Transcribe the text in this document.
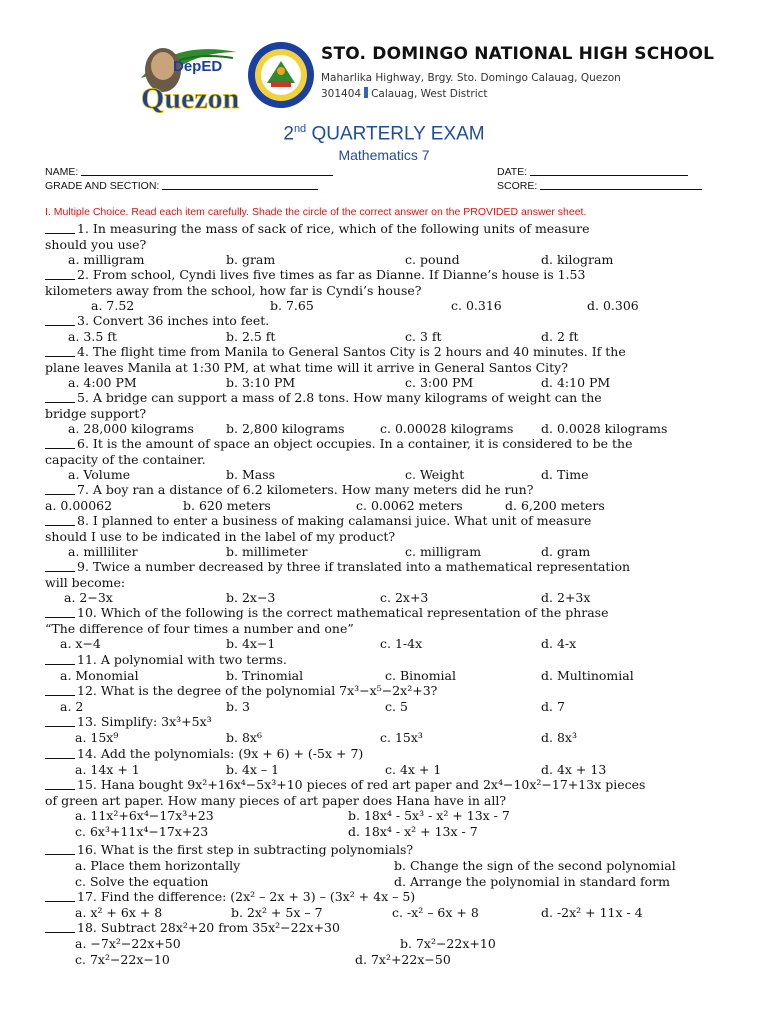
DepED
Quezon
STO. DOMINGO NATIONAL HIGH SCHOOL
Maharlika Highway, Brgy. Sto. Domingo Calauag, Quezon
301404 Calauag, West District
2nd QUARTERLY EXAM
Mathematics 7
NAME:	DATE:
GRADE AND SECTION:	SCORE:
I. Multiple Choice. Read each item carefully. Shade the circle of the correct answer on the PROVIDED answer sheet.
1. In measuring the mass of sack of rice, which of the following units of measure
should you use?
a. milligram	b. gram	c. pound	d. kilogram
2. From school, Cyndi lives five times as far as Dianne. If Dianne’s house is 1.53
kilometers away from the school, how far is Cyndi’s house?
a. 7.52	b. 7.65	c. 0.316	d. 0.306
3. Convert 36 inches into feet.
a. 3.5 ft	b. 2.5 ft	c. 3 ft	d. 2 ft
4. The flight time from Manila to General Santos City is 2 hours and 40 minutes. If the
plane leaves Manila at 1:30 PM, at what time will it arrive in General Santos City?
a. 4:00 PM	b. 3:10 PM	c. 3:00 PM	d. 4:10 PM
5. A bridge can support a mass of 2.8 tons. How many kilograms of weight can the
bridge support?
a. 28,000 kilograms	b. 2,800 kilograms	c. 0.00028 kilograms d. 0.0028 kilograms
6. It is the amount of space an object occupies. In a container, it is considered to be the
capacity of the container.
a. Volume	b. Mass	c. Weight	d. Time
7. A boy ran a distance of 6.2 kilometers. How many meters did he run?
a. 0.00062	b. 620 meters	c. 0.0062 meters	d. 6,200 meters
8. I planned to enter a business of making calamansi juice. What unit of measure
should I use to be indicated in the label of my product?
a. milliliter	b. millimeter	c. milligram	d. gram
9. Twice a number decreased by three if translated into a mathematical representation
will become:
a. 2−3x	b. 2x−3	c. 2x+3	d. 2+3x
10. Which of the following is the correct mathematical representation of the phrase
“The difference of four times a number and one”
a. x−4	b. 4x−1	c. 1-4x	d. 4-x
11. A polynomial with two terms.
a. Monomial	b. Trinomial	c. Binomial	d. Multinomial
12. What is the degree of the polynomial 7x³−x⁵−2x²+3?
a. 2	b. 3	c. 5	d. 7
13. Simplify: 3x³+5x³
a. 15x⁹	b. 8x⁶	c. 15x³	d. 8x³
14. Add the polynomials: (9x + 6) + (-5x + 7)
a. 14x + 1	b. 4x – 1	c. 4x + 1	d. 4x + 13
15. Hana bought 9x²+16x⁴−5x³+10 pieces of red art paper and 2x⁴−10x²−17+13x pieces
of green art paper. How many pieces of art paper does Hana have in all?
a. 11x²+6x⁴−17x³+23	b. 18x⁴ - 5x³ - x² + 13x - 7
c. 6x³+11x⁴−17x+23	d. 18x⁴ - x² + 13x - 7
16. What is the first step in subtracting polynomials?
a. Place them horizontally	b. Change the sign of the second polynomial
c. Solve the equation	d. Arrange the polynomial in standard form
17. Find the difference: (2x² – 2x + 3) – (3x² + 4x – 5)
a. x² + 6x + 8	b. 2x² + 5x – 7	c. -x² – 6x + 8	d. -2x² + 11x - 4
18. Subtract 28x²+20 from 35x²−22x+30
a. −7x²−22x+50	b. 7x²−22x+10
c. 7x²−22x−10	d. 7x²+22x−50
